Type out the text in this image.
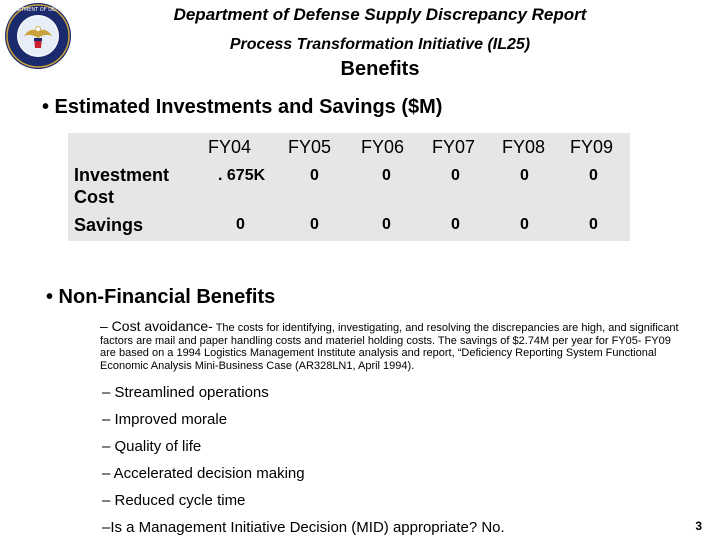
DEPARTMENT OF DEFENSE	Department of Defense Supply Discrepancy Report
Process Transformation Initiative (IL25)
Benefits
• Estimated Investments and Savings ($M)
FY04 FY05 FY06 FY07 FY08 FY09
Investment
Cost
. 675K	0	0	0	0	0
Savings	0	0	0	0	0	0
• Non-Financial Benefits
– Cost avoidance- The costs for identifying, investigating, and resolving the discrepancies are high, and significant factors are mail and paper handling costs and materiel holding costs. The savings of $2.74M per year for FY05- FY09 are based on a 1994 Logistics Management Institute analysis and report, “Deficiency Reporting System Functional Economic Analysis Mini-Business Case (AR328LN1, April 1994).
– Streamlined operations
– Improved morale
– Quality of life
– Accelerated decision making
– Reduced cycle time
–Is a Management Initiative Decision (MID) appropriate? No.	3
